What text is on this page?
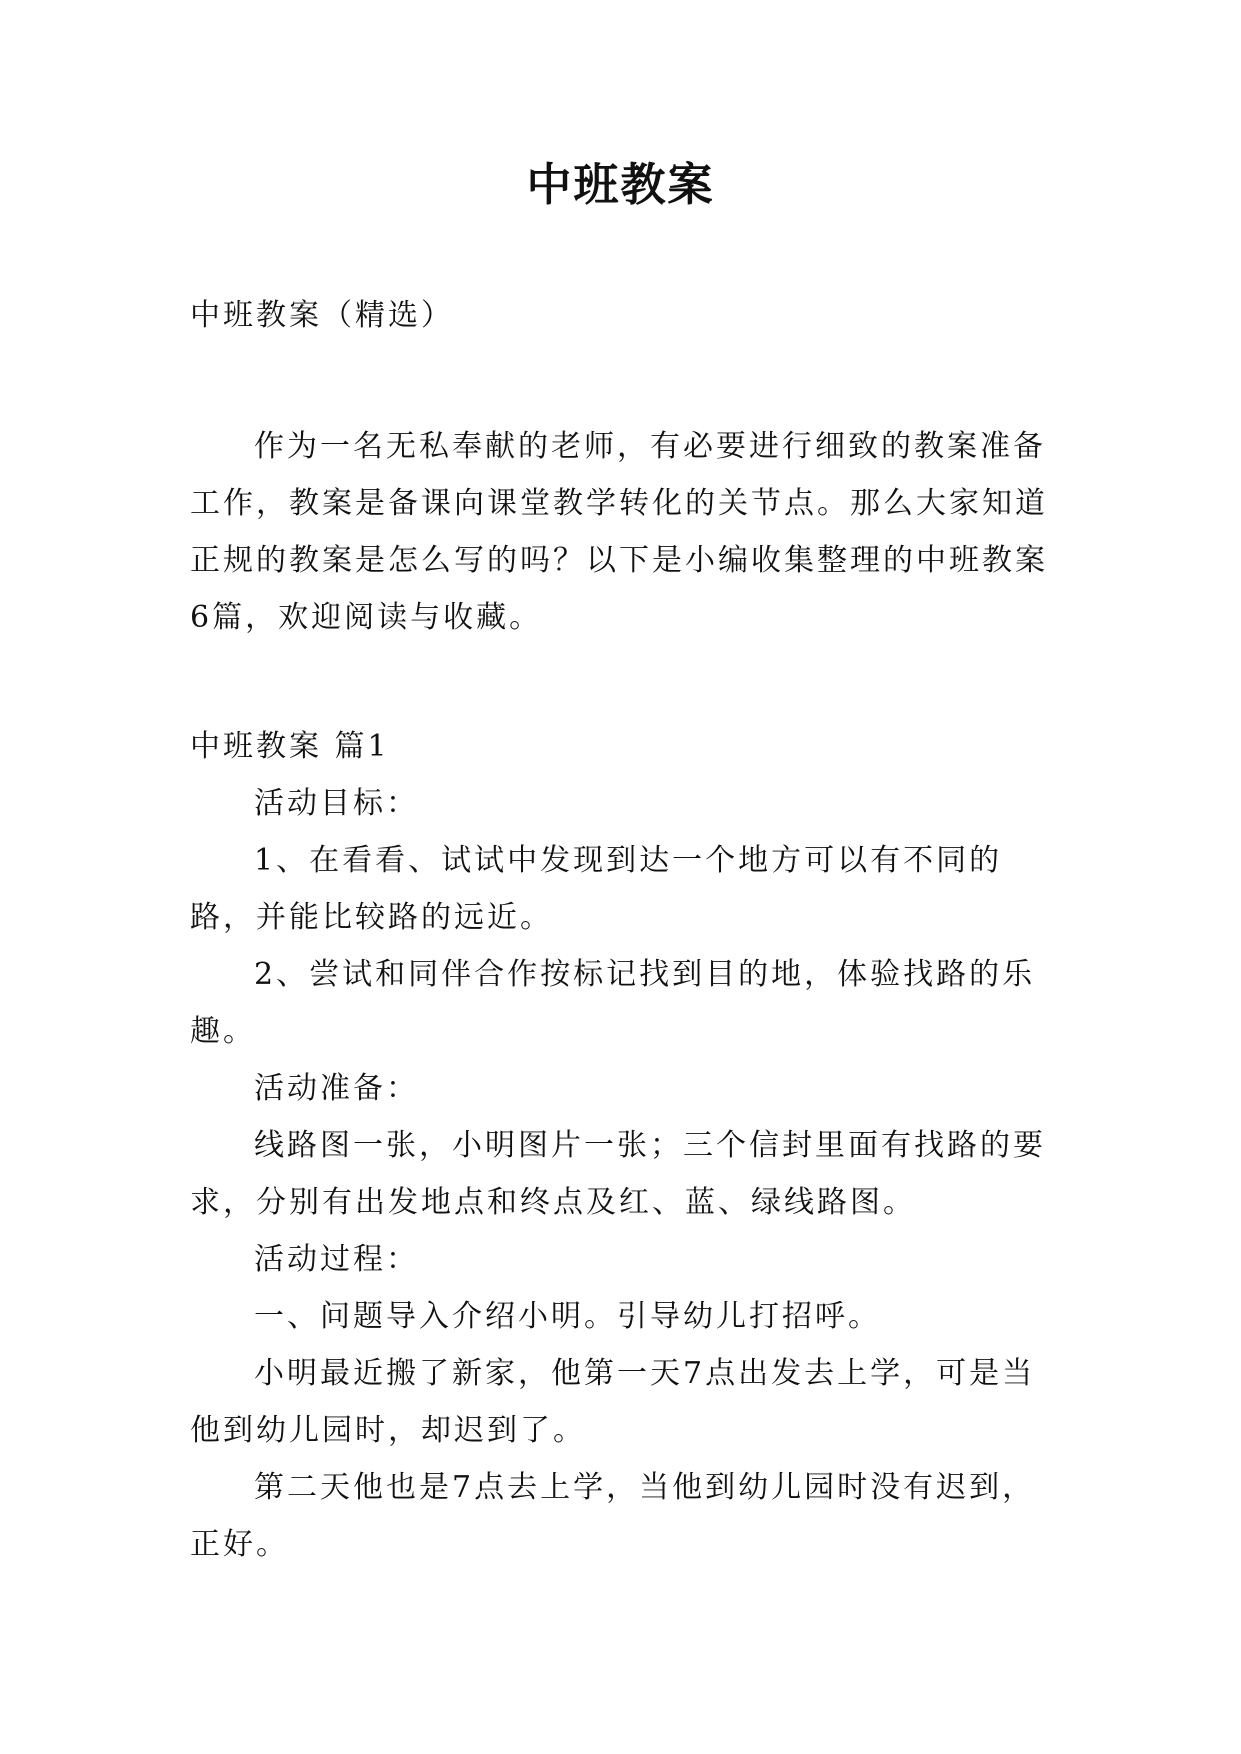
中班教案

中班教案（精选）

作为一名无私奉献的老师，有必要进行细致的教案准备工作，教案是备课向课堂教学转化的关节点。那么大家知道正规的教案是怎么写的吗？以下是小编收集整理的中班教案6篇，欢迎阅读与收藏。

中班教案 篇1

活动目标：

1、在看看、试试中发现到达一个地方可以有不同的路，并能比较路的远近。

2、尝试和同伴合作按标记找到目的地，体验找路的乐趣。

活动准备：

线路图一张，小明图片一张；三个信封里面有找路的要求，分别有出发地点和终点及红、蓝、绿线路图。

活动过程：

一、问题导入介绍小明。引导幼儿打招呼。

小明最近搬了新家，他第一天7点出发去上学，可是当他到幼儿园时，却迟到了。

第二天他也是7点去上学，当他到幼儿园时没有迟到，正好。
